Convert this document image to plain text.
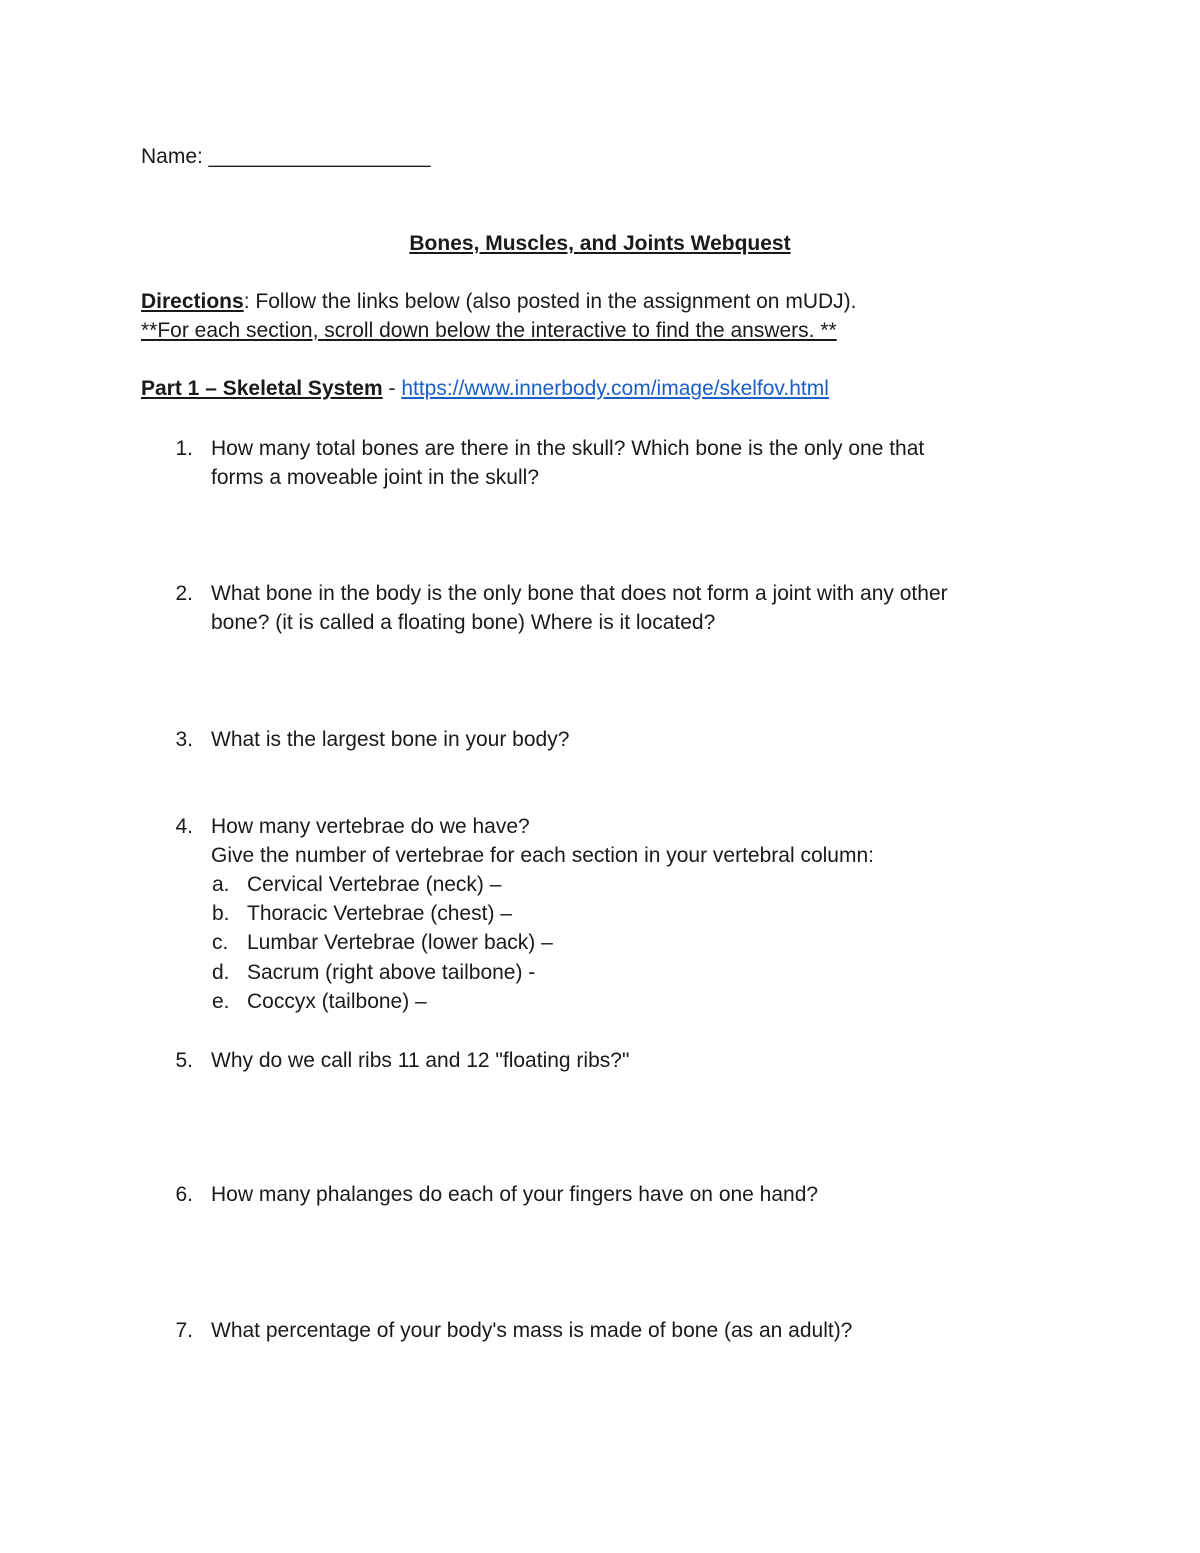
Name: ___________________
Bones, Muscles, and Joints Webquest
Directions: Follow the links below (also posted in the assignment on mUDJ).
**For each section, scroll down below the interactive to find the answers. **
Part 1 – Skeletal System - https://www.innerbody.com/image/skelfov.html
1. How many total bones are there in the skull? Which bone is the only one that
forms a moveable joint in the skull?
2. What bone in the body is the only bone that does not form a joint with any other
bone? (it is called a floating bone) Where is it located?
3. What is the largest bone in your body?
4. How many vertebrae do we have?
Give the number of vertebrae for each section in your vertebral column:
a. Cervical Vertebrae (neck) –
b. Thoracic Vertebrae (chest) –
c. Lumbar Vertebrae (lower back) –
d. Sacrum (right above tailbone) -
e. Coccyx (tailbone) –
5. Why do we call ribs 11 and 12 "floating ribs?"
6. How many phalanges do each of your fingers have on one hand?
7. What percentage of your body's mass is made of bone (as an adult)?
